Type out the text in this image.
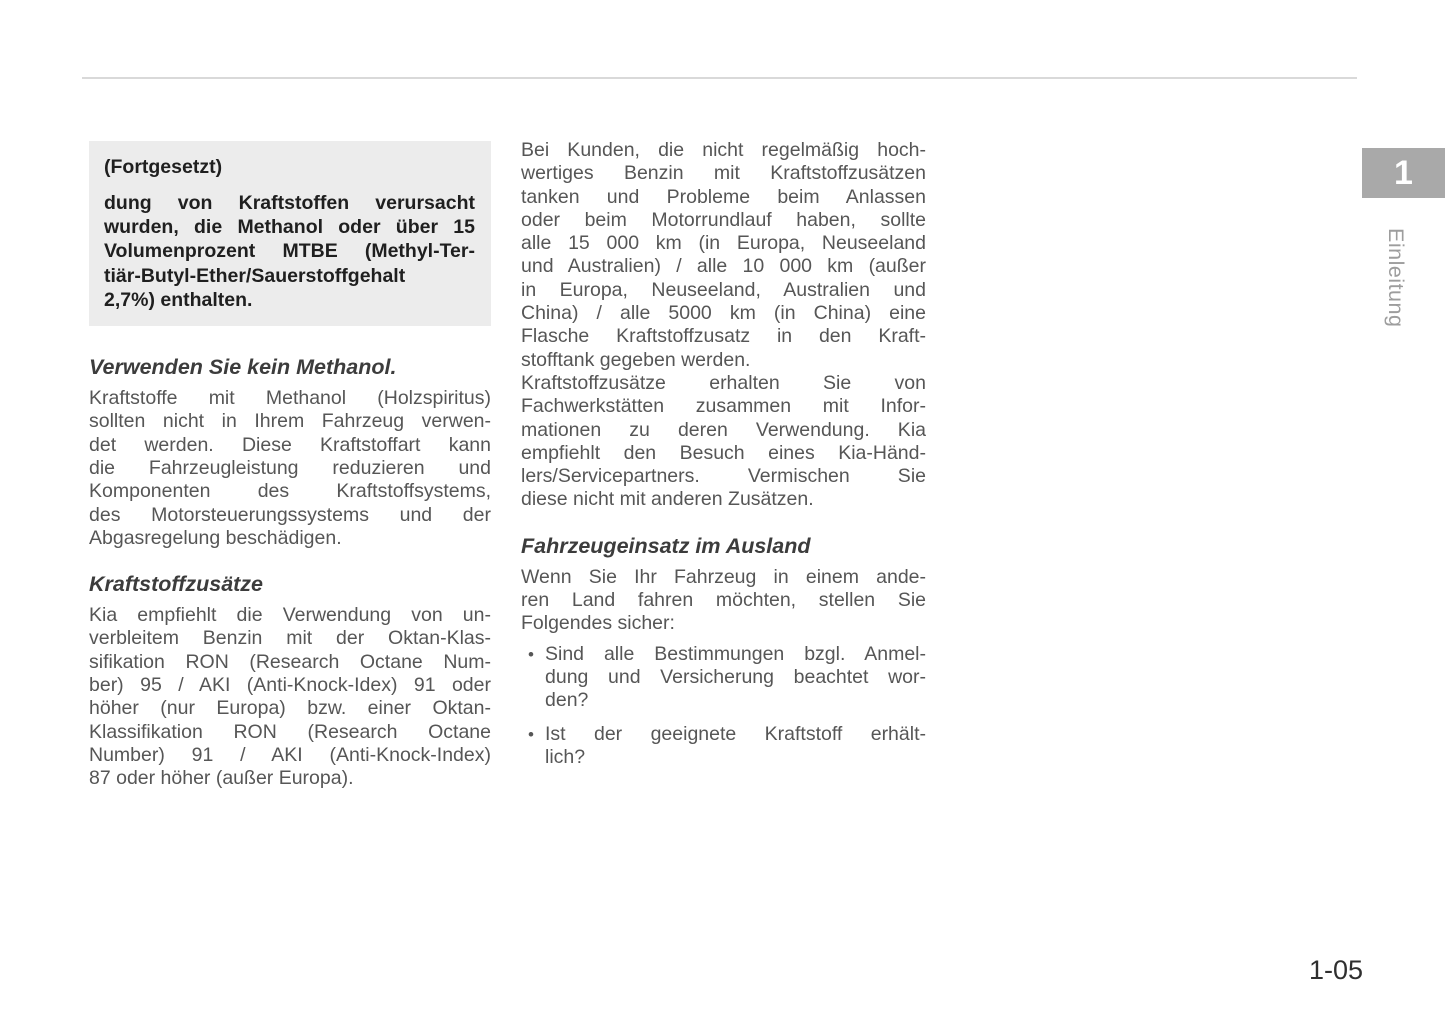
(Fortgesetzt)
dung von Kraftstoffen verursacht
wurden, die Methanol oder über 15
Volumenprozent MTBE (Methyl-Ter-
tiär-Butyl-Ether/Sauerstoffgehalt
2,7%) enthalten.
Verwenden Sie kein Methanol.
Kraftstoffe mit Methanol (Holzspiritus)
sollten nicht in Ihrem Fahrzeug verwen-
det werden. Diese Kraftstoffart kann
die Fahrzeugleistung reduzieren und
Komponenten des Kraftstoffsystems,
des Motorsteuerungssystems und der
Abgasregelung beschädigen.
Kraftstoffzusätze
Kia empfiehlt die Verwendung von un-
verbleitem Benzin mit der Oktan-Klas-
sifikation RON (Research Octane Num-
ber) 95 / AKI (Anti-Knock-Idex) 91 oder
höher (nur Europa) bzw. einer Oktan-
Klassifikation RON (Research Octane
Number) 91 / AKI (Anti-Knock-Index)
87 oder höher (außer Europa).
Bei Kunden, die nicht regelmäßig hoch-
wertiges Benzin mit Kraftstoffzusätzen
tanken und Probleme beim Anlassen
oder beim Motorrundlauf haben, sollte
alle 15 000 km (in Europa, Neuseeland
und Australien) / alle 10 000 km (außer
in Europa, Neuseeland, Australien und
China) / alle 5000 km (in China) eine
Flasche Kraftstoffzusatz in den Kraft-
stofftank gegeben werden.
Kraftstoffzusätze erhalten Sie von
Fachwerkstätten zusammen mit Infor-
mationen zu deren Verwendung. Kia
empfiehlt den Besuch eines Kia-Händ-
lers/Servicepartners. Vermischen Sie
diese nicht mit anderen Zusätzen.
Fahrzeugeinsatz im Ausland
Wenn Sie Ihr Fahrzeug in einem ande-
ren Land fahren möchten, stellen Sie
Folgendes sicher:
• Sind alle Bestimmungen bzgl. Anmel-
dung und Versicherung beachtet wor-
den?
• Ist der geeignete Kraftstoff erhält-
lich?
1
Einleitung
1-05
